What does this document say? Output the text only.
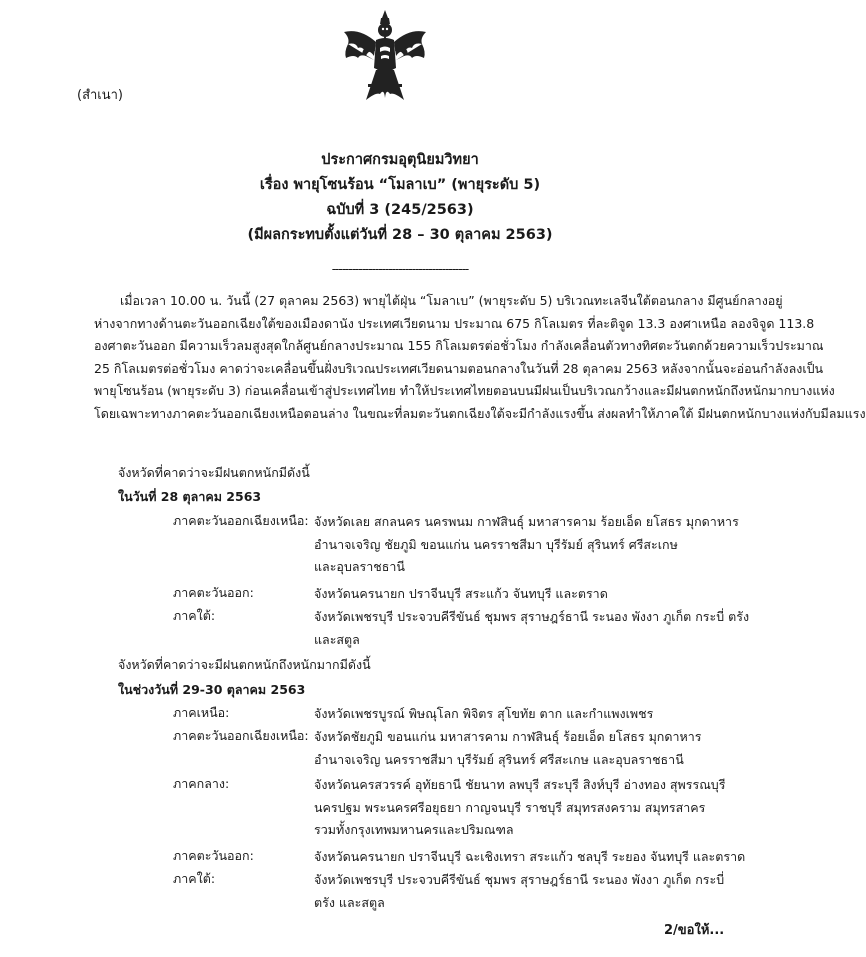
(สำเนา)
ประกาศกรมอุตุนิยมวิทยา
เรื่อง พายุโซนร้อน “โมลาเบ” (พายุระดับ 5)
ฉบับที่ 3 (245/2563)
(มีผลกระทบตั้งแต่วันที่ 28 – 30 ตุลาคม 2563)
-----------------------------------------
เมื่อเวลา 10.00 น. วันนี้ (27 ตุลาคม 2563) พายุไต้ฝุ่น “โมลาเบ” (พายุระดับ 5) บริเวณทะเลจีนใต้ตอนกลาง มีศูนย์กลางอยู่
ห่างจากทางด้านตะวันออกเฉียงใต้ของเมืองดานัง ประเทศเวียดนาม ประมาณ 675 กิโลเมตร ที่ละติจูด 13.3 องศาเหนือ ลองจิจูด 113.8
องศาตะวันออก มีความเร็วลมสูงสุดใกล้ศูนย์กลางประมาณ 155 กิโลเมตรต่อชั่วโมง กำลังเคลื่อนตัวทางทิศตะวันตกด้วยความเร็วประมาณ
25 กิโลเมตรต่อชั่วโมง คาดว่าจะเคลื่อนขึ้นฝั่งบริเวณประเทศเวียดนามตอนกลางในวันที่ 28 ตุลาคม 2563 หลังจากนั้นจะอ่อนกำลังลงเป็น
พายุโซนร้อน (พายุระดับ 3) ก่อนเคลื่อนเข้าสู่ประเทศไทย ทำให้ประเทศไทยตอนบนมีฝนเป็นบริเวณกว้างและมีฝนตกหนักถึงหนักมากบางแห่ง
โดยเฉพาะทางภาคตะวันออกเฉียงเหนือตอนล่าง ในขณะที่ลมตะวันตกเฉียงใต้จะมีกำลังแรงขึ้น ส่งผลทำให้ภาคใต้ มีฝนตกหนักบางแห่งกับมีลมแรง
จังหวัดที่คาดว่าจะมีฝนตกหนักมีดังนี้
ในวันที่ 28 ตุลาคม 2563
ภาคตะวันออกเฉียงเหนือ: จังหวัดเลย สกลนคร นครพนม กาฬสินธุ์ มหาสารคาม ร้อยเอ็ด ยโสธร มุกดาหาร
อำนาจเจริญ ชัยภูมิ ขอนแก่น นครราชสีมา บุรีรัมย์ สุรินทร์ ศรีสะเกษ
และอุบลราชธานี
ภาคตะวันออก:	จังหวัดนครนายก ปราจีนบุรี สระแก้ว จันทบุรี และตราด
ภาคใต้:	จังหวัดเพชรบุรี ประจวบคีรีขันธ์ ชุมพร สุราษฎร์ธานี ระนอง พังงา ภูเก็ต กระบี่ ตรัง
และสตูล
จังหวัดที่คาดว่าจะมีฝนตกหนักถึงหนักมากมีดังนี้
ในช่วงวันที่ 29-30 ตุลาคม 2563
ภาคเหนือ:	จังหวัดเพชรบูรณ์ พิษณุโลก พิจิตร สุโขทัย ตาก และกำแพงเพชร
ภาคตะวันออกเฉียงเหนือ: จังหวัดชัยภูมิ ขอนแก่น มหาสารคาม กาฬสินธุ์ ร้อยเอ็ด ยโสธร มุกดาหาร
อำนาจเจริญ นครราชสีมา บุรีรัมย์ สุรินทร์ ศรีสะเกษ และอุบลราชธานี
ภาคกลาง:	จังหวัดนครสวรรค์ อุทัยธานี ชัยนาท ลพบุรี สระบุรี สิงห์บุรี อ่างทอง สุพรรณบุรี
นครปฐม พระนครศรีอยุธยา กาญจนบุรี ราชบุรี สมุทรสงคราม สมุทรสาคร
รวมทั้งกรุงเทพมหานครและปริมณฑล
ภาคตะวันออก:	จังหวัดนครนายก ปราจีนบุรี ฉะเชิงเทรา สระแก้ว ชลบุรี ระยอง จันทบุรี และตราด
ภาคใต้:	จังหวัดเพชรบุรี ประจวบคีรีขันธ์ ชุมพร สุราษฎร์ธานี ระนอง พังงา ภูเก็ต กระบี่
ตรัง และสตูล
2/ขอให้...
